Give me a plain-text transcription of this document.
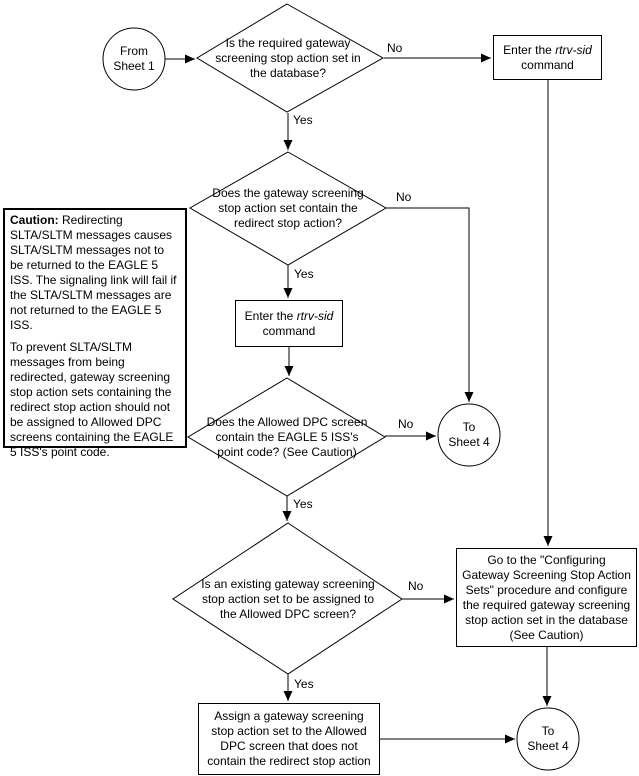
From
Sheet 1
To
Sheet 4
To
Sheet 4
Is the required gateway screening stop action set in the database?
Does the gateway screening stop action set contain the redirect stop action?
Does the Allowed DPC screen contain the EAGLE 5 ISS's point code? (See Caution)
Is an existing gateway screening stop action set to be assigned to the Allowed DPC screen?
Enter the rtrv-sid command
Enter the rtrv-sid command
Go to the "Configuring Gateway Screening Stop Action Sets" procedure and configure the required gateway screening stop action set in the database (See Caution)
Assign a gateway screening stop action set to the Allowed DPC screen that does not contain the redirect stop action

Caution: Redirecting SLTA/SLTM messages causes SLTA/SLTM messages not to be returned to the EAGLE 5 ISS. The signaling link will fail if the SLTA/SLTM messages are not returned to the EAGLE 5 ISS.

To prevent SLTA/SLTM messages from being redirected, gateway screening stop action sets containing the redirect stop action should not be assigned to Allowed DPC screens containing the EAGLE 5 ISS's point code.

No
Yes
No
Yes
No
Yes
No
Yes
